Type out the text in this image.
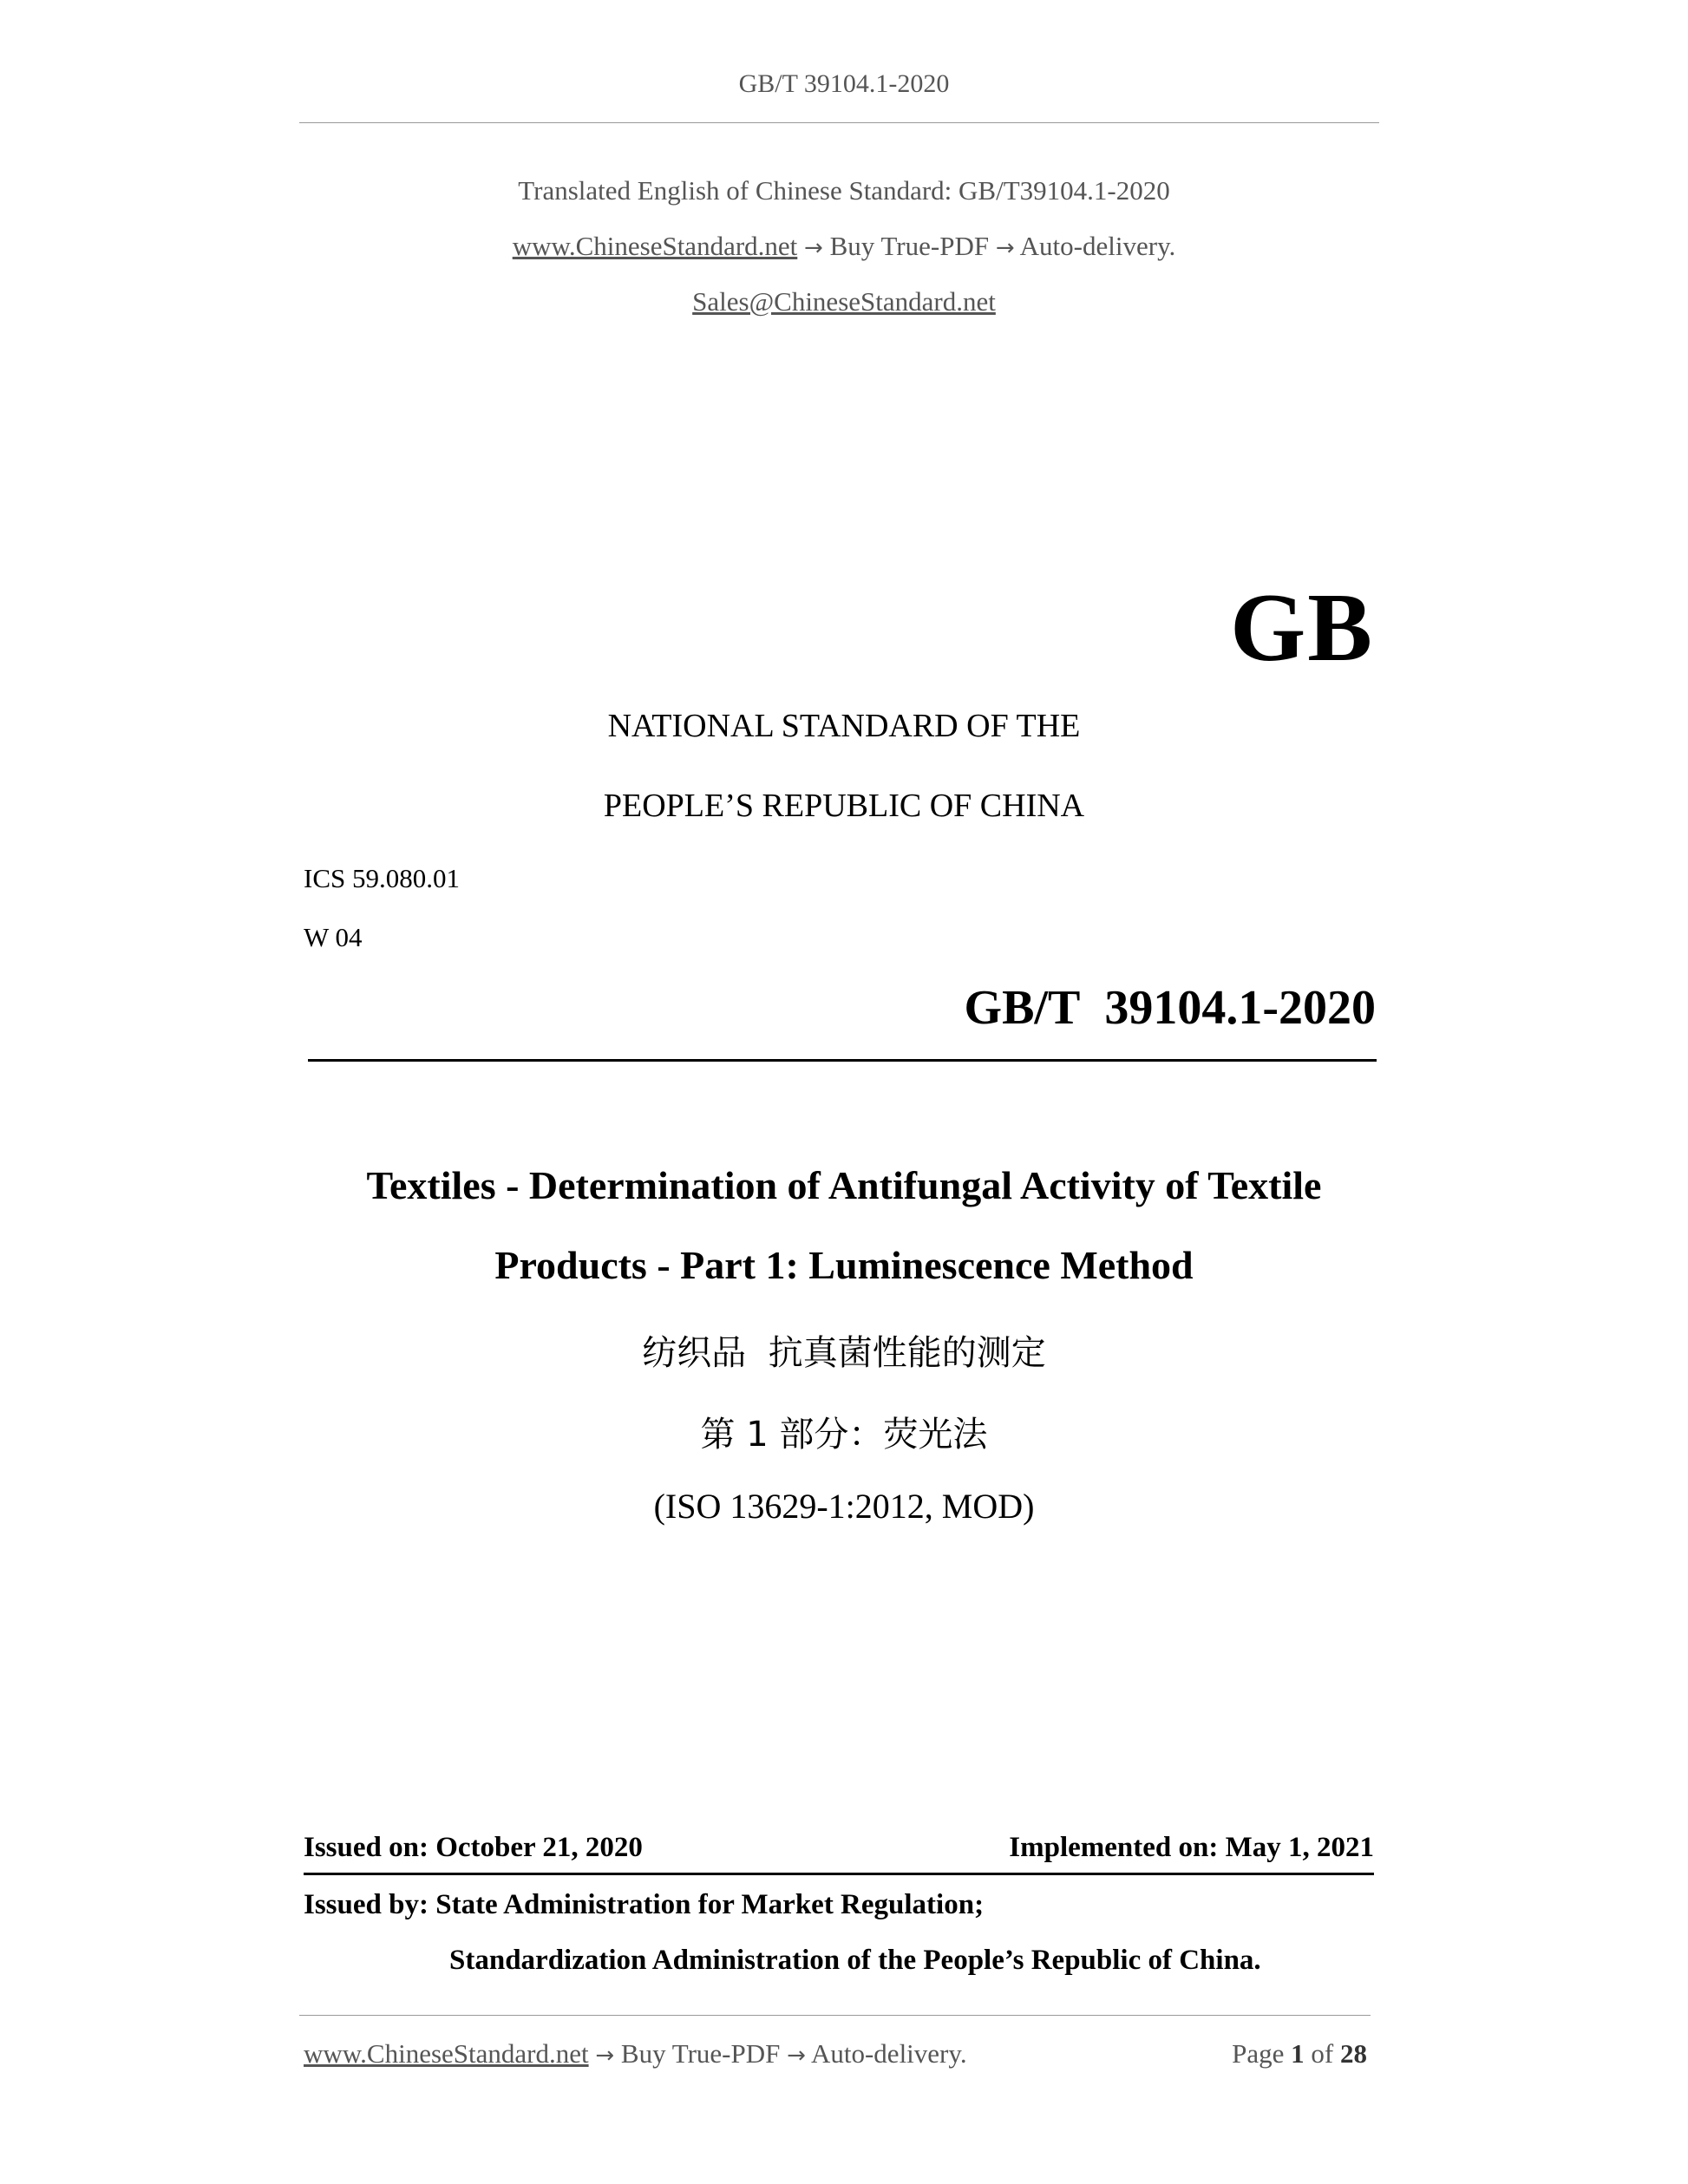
GB/T 39104.1-2020
Translated English of Chinese Standard: GB/T39104.1-2020
www.ChineseStandard.net → Buy True-PDF → Auto-delivery.
Sales@ChineseStandard.net
GB
NATIONAL STANDARD OF THE
PEOPLE’S REPUBLIC OF CHINA
ICS 59.080.01
W 04
GB/T 39104.1-2020
Textiles - Determination of Antifungal Activity of Textile
Products - Part 1: Luminescence Method
纺织品  抗真菌性能的测定
第 1 部分：荧光法
(ISO 13629-1:2012, MOD)
Issued on: October 21, 2020	Implemented on: May 1, 2021
Issued by: State Administration for Market Regulation;
Standardization Administration of the People’s Republic of China.
www.ChineseStandard.net → Buy True-PDF → Auto-delivery.	Page 1 of 28
